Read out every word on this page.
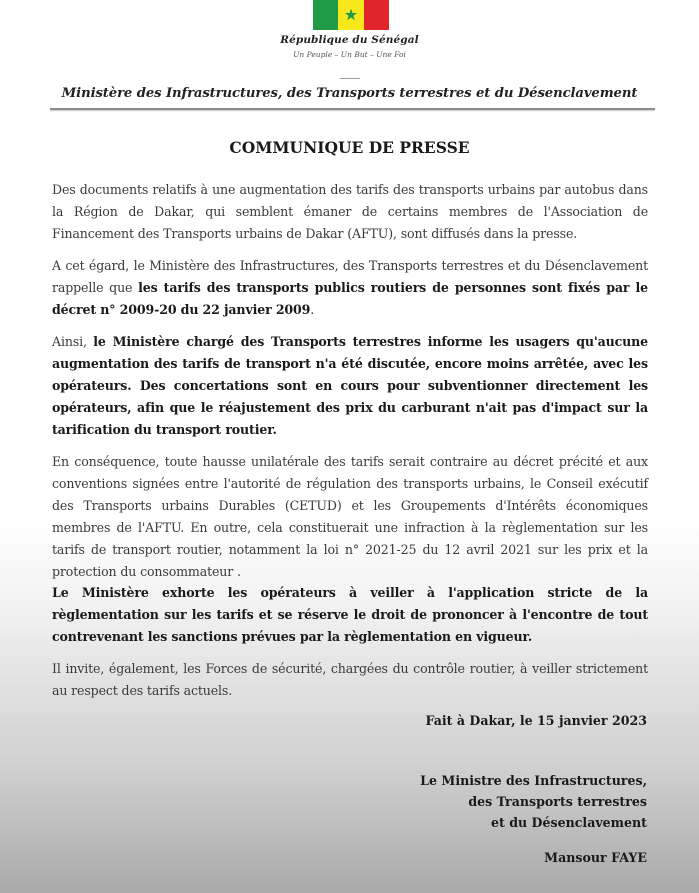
République du Sénégal
Un Peuple – Un But – Une Foi
Ministère des Infrastructures, des Transports terrestres et du Désenclavement
COMMUNIQUE DE PRESSE

Des documents relatifs à une augmentation des tarifs des transports urbains par autobus dans la Région de Dakar, qui semblent émaner de certains membres de l'Association de Financement des Transports urbains de Dakar (AFTU), sont diffusés dans la presse.

A cet égard, le Ministère des Infrastructures, des Transports terrestres et du Désenclavement rappelle que les tarifs des transports publics routiers de personnes sont fixés par le décret n° 2009-20 du 22 janvier 2009.

Ainsi, le Ministère chargé des Transports terrestres informe les usagers qu'aucune augmentation des tarifs de transport n'a été discutée, encore moins arrêtée, avec les opérateurs. Des concertations sont en cours pour subventionner directement les opérateurs, afin que le réajustement des prix du carburant n'ait pas d'impact sur la tarification du transport routier.

En conséquence, toute hausse unilatérale des tarifs serait contraire au décret précité et aux conventions signées entre l'autorité de régulation des transports urbains, le Conseil exécutif des Transports urbains Durables (CETUD) et les Groupements d'Intérêts économiques membres de l'AFTU. En outre, cela constituerait une infraction à la règlementation sur les tarifs de transport routier, notamment la loi n° 2021-25 du 12 avril 2021 sur les prix et la protection du consommateur .

Le Ministère exhorte les opérateurs à veiller à l'application stricte de la règlementation sur les tarifs et se réserve le droit de prononcer à l'encontre de tout contrevenant les sanctions prévues par la règlementation en vigueur.

Il invite, également, les Forces de sécurité, chargées du contrôle routier, à veiller strictement au respect des tarifs actuels.

Fait à Dakar, le 15 janvier 2023
Le Ministre des Infrastructures,
des Transports terrestres
et du Désenclavement
Mansour FAYE
